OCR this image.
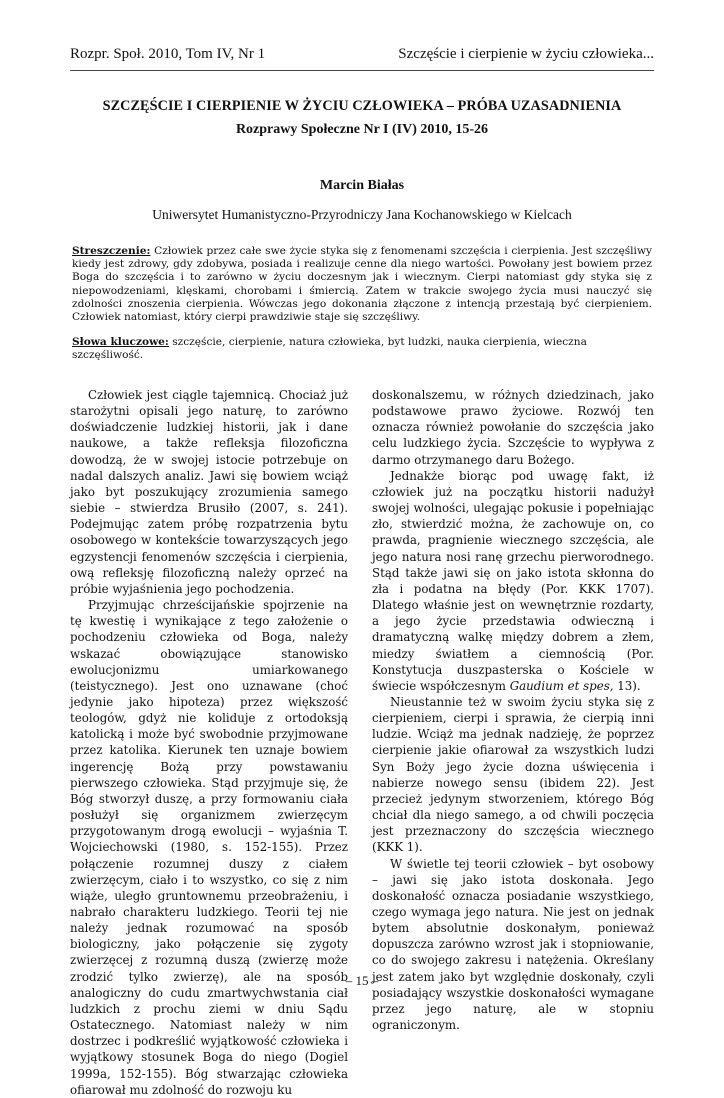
Rozpr. Społ. 2010, Tom IV, Nr 1	Szczęście i cierpienie w życiu człowieka...
SZCZĘŚCIE I CIERPIENIE W ŻYCIU CZŁOWIEKA – PRÓBA UZASADNIENIA
Rozprawy Społeczne Nr I (IV) 2010, 15-26
Marcin Białas
Uniwersytet Humanistyczno-Przyrodniczy Jana Kochanowskiego w Kielcach
Streszczenie: Człowiek przez całe swe życie styka się z fenomenami szczęścia i cierpienia. Jest szczęśliwy kiedy jest zdrowy, gdy zdobywa, posiada i realizuje cenne dla niego wartości. Powołany jest bowiem przez Boga do szczęścia i to zarówno w życiu doczesnym jak i wiecznym. Cierpi natomiast gdy styka się z niepowodzeniami, klęskami, chorobami i śmiercią. Zatem w trakcie swojego życia musi nauczyć się zdolności znoszenia cierpienia. Wówczas jego dokonania złączone z intencją przestają być cierpieniem. Człowiek natomiast, który cierpi prawdziwie staje się szczęśliwy.
Słowa kluczowe: szczęście, cierpienie, natura człowieka, byt ludzki, nauka cierpienia, wieczna szczęśliwość.

Człowiek jest ciągle tajemnicą. Chociaż już starożytni opisali jego naturę, to zarówno doświadczenie ludzkiej historii, jak i dane naukowe, a także refleksja filozoficzna dowodzą, że w swojej istocie potrzebuje on nadal dalszych analiz. Jawi się bowiem wciąż jako byt poszukujący zrozumienia samego siebie – stwierdza Brusiło (2007, s. 241). Podejmując zatem próbę rozpatrzenia bytu osobowego w kontekście towarzyszących jego egzystencji fenomenów szczęścia i cierpienia, ową refleksję filozoficzną należy oprzeć na próbie wyjaśnienia jego pochodzenia.

Przyjmując chrześcijańskie spojrzenie na tę kwestię i wynikające z tego założenie o pochodzeniu człowieka od Boga, należy wskazać obowiązujące stanowisko ewolucjonizmu umiarkowanego (teistycznego). Jest ono uznawane (choć jedynie jako hipoteza) przez większość teologów, gdyż nie koliduje z ortodoksją katolicką i może być swobodnie przyjmowane przez katolika. Kierunek ten uznaje bowiem ingerencję Bożą przy powstawaniu pierwszego człowieka. Stąd przyjmuje się, że Bóg stworzył duszę, a przy formowaniu ciała posłużył się organizmem zwierzęcym przygotowanym drogą ewolucji – wyjaśnia T. Wojciechowski (1980, s. 152-155). Przez połączenie rozumnej duszy z ciałem zwierzęcym, ciało i to wszystko, co się z nim wiąże, uległo gruntownemu przeobrażeniu, i nabrało charakteru ludzkiego. Teorii tej nie należy jednak rozumować na sposób biologiczny, jako połączenie się zygoty zwierzęcej z rozumną duszą (zwierzę może zrodzić tylko zwierzę), ale na sposób analogiczny do cudu zmartwychwstania ciał ludzkich z prochu ziemi w dniu Sądu Ostatecznego. Natomiast należy w nim dostrzec i podkreślić wyjątkowość człowieka i wyjątkowy stosunek Boga do niego (Dogiel 1999a, 152-155). Bóg stwarzając człowieka ofiarował mu zdolność do rozwoju ku

doskonalszemu, w różnych dziedzinach, jako podstawowe prawo życiowe. Rozwój ten oznacza również powołanie do szczęścia jako celu ludzkiego życia. Szczęście to wypływa z darmo otrzymanego daru Bożego.

Jednakże biorąc pod uwagę fakt, iż człowiek już na początku historii nadużył swojej wolności, ulegając pokusie i popełniając zło, stwierdzić można, że zachowuje on, co prawda, pragnienie wiecznego szczęścia, ale jego natura nosi ranę grzechu pierworodnego. Stąd także jawi się on jako istota skłonna do zła i podatna na błędy (Por. KKK 1707). Dlatego właśnie jest on wewnętrznie rozdarty, a jego życie przedstawia odwieczną i dramatyczną walkę między dobrem a złem, miedzy światłem a ciemnością (Por. Konstytucja duszpasterska o Kościele w świecie współczesnym Gaudium et spes, 13).

Nieustannie też w swoim życiu styka się z cierpieniem, cierpi i sprawia, że cierpią inni ludzie. Wciąż ma jednak nadzieję, że poprzez cierpienie jakie ofiarował za wszystkich ludzi Syn Boży jego życie dozna uświęcenia i nabierze nowego sensu (ibidem 22). Jest przecież jedynym stworzeniem, którego Bóg chciał dla niego samego, a od chwili poczęcia jest przeznaczony do szczęścia wiecznego (KKK 1).

W świetle tej teorii człowiek – byt osobowy – jawi się jako istota doskonała. Jego doskonałość oznacza posiadanie wszystkiego, czego wymaga jego natura. Nie jest on jednak bytem absolutnie doskonałym, ponieważ dopuszcza zarówno wzrost jak i stopniowanie, co do swojego zakresu i natężenia. Określany jest zatem jako byt względnie doskonały, czyli posiadający wszystkie doskonałości wymagane przez jego naturę, ale w stopniu ograniczonym.

– 15 –
